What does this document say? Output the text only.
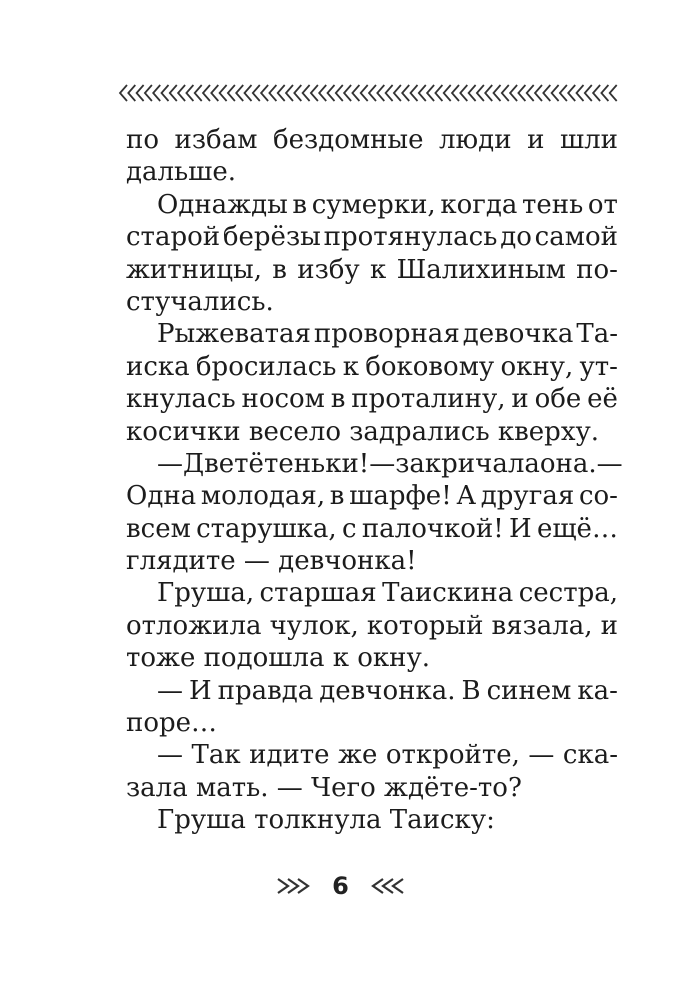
по избам бездомные люди и шли
дальше.
Однажды в сумерки, когда тень от
старой берёзы протянулась до самой
житницы, в избу к Шалихиным по-
стучались.
Рыжеватая проворная девочка Та-
иска бросилась к боковому окну, ут-
кнулась носом в проталину, и обе её
косички весело задрались кверху.
— Две тётеньки! — закричала она. —
Одна молодая, в шарфе! А другая со-
всем старушка, с палочкой! И ещё…
глядите — девчонка!
Груша, старшая Таискина сестра,
отложила чулок, который вязала, и
тоже подошла к окну.
— И правда девчонка. В синем ка-
поре…
— Так идите же откройте, — ска-
зала мать. — Чего ждёте-то?
Груша толкнула Таиску:
6
